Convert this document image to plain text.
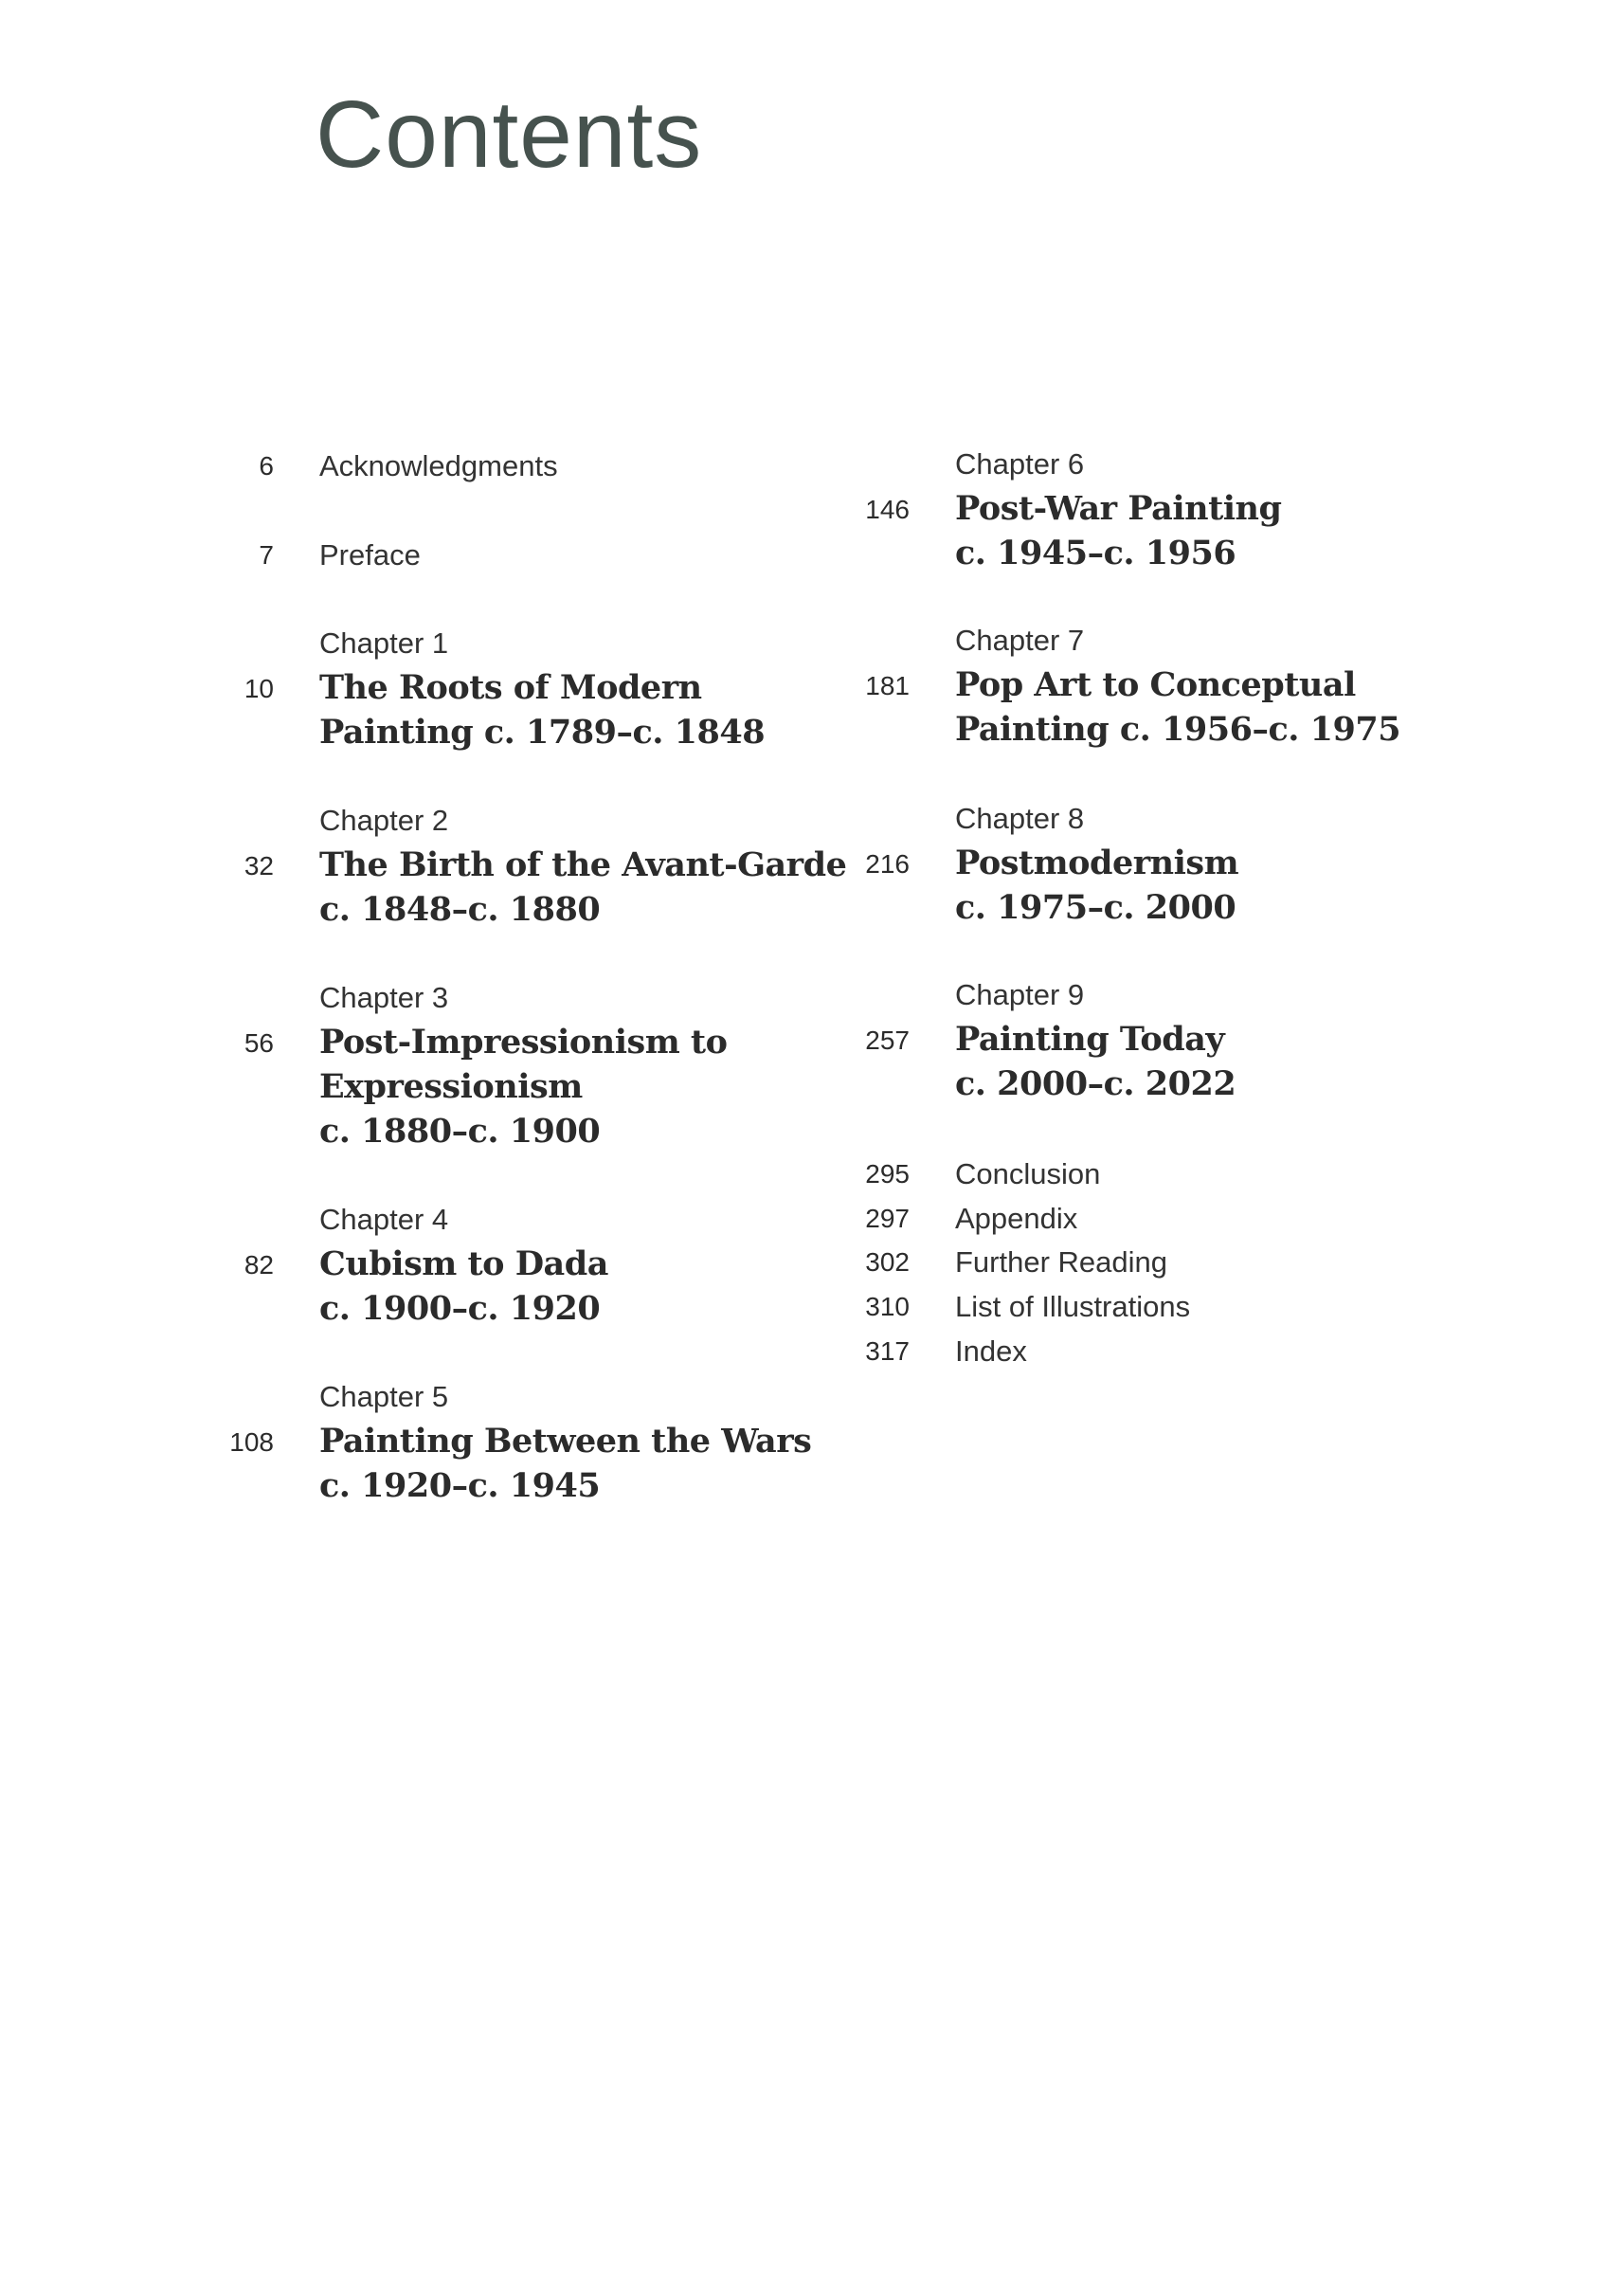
Contents
Acknowledgments
6
Preface
7
Chapter 1
The Roots of Modern
Painting c. 1789–c. 1848
10
Chapter 2
The Birth of the Avant-Garde
c. 1848–c. 1880
32
Chapter 3
Post-Impressionism to
Expressionism
c. 1880–c. 1900
56
Chapter 4
Cubism to Dada
c. 1900–c. 1920
82
Chapter 5
Painting Between the Wars
c. 1920–c. 1945
108
Chapter 6
Post-War Painting
c. 1945–c. 1956
146
Chapter 7
Pop Art to Conceptual
Painting c. 1956–c. 1975
181
Chapter 8
Postmodernism
c. 1975–c. 2000
216
Chapter 9
Painting Today
c. 2000–c. 2022
257
Conclusion
295
Appendix
297
Further Reading
302
List of Illustrations
310
Index
317
